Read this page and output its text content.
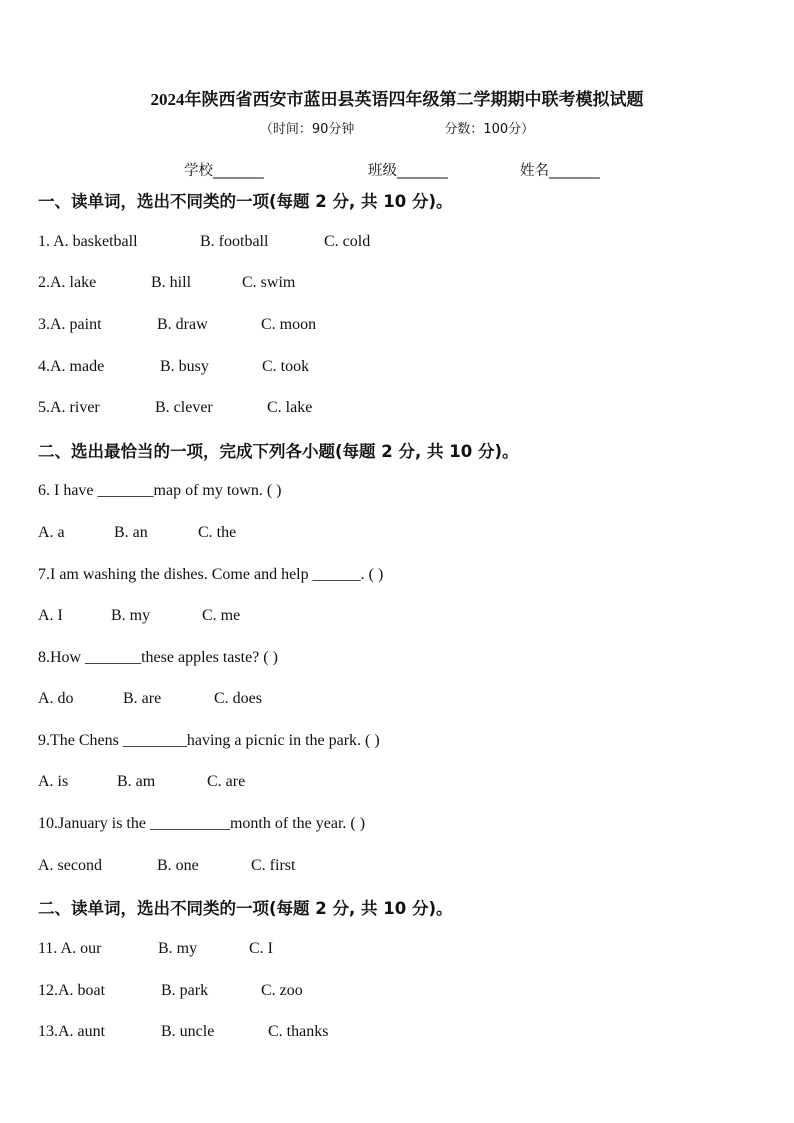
2024年陕西省西安市蓝田县英语四年级第二学期期中联考模拟试题
（时间：90分钟	分数：100分）
学校_______	班级_______	姓名_______
一、读单词，选出不同类的一项(每题 2 分, 共 10 分)。
1. A. basketball	B. football	C. cold
2.A. lake	B. hill	C. swim
3.A. paint	B. draw	C. moon
4.A. made	B. busy	C. took
5.A. river	B. clever	C. lake
二、选出最恰当的一项，完成下列各小题(每题 2 分, 共 10 分)。
6. I have _______map of my town. ( )
A. a	B. an	C. the
7.I am washing the dishes. Come and help ______. ( )
A. I	B. my	C. me
8.How _______these apples taste? ( )
A. do	B. are	C. does
9.The Chens ________having a picnic in the park. ( )
A. is	B. am	C. are
10.January is the __________month of the year. ( )
A. second	B. one	C. first
二、读单词，选出不同类的一项(每题 2 分, 共 10 分)。
11. A. our	B. my	C. I
12.A. boat	B. park	C. zoo
13.A. aunt	B. uncle	C. thanks
